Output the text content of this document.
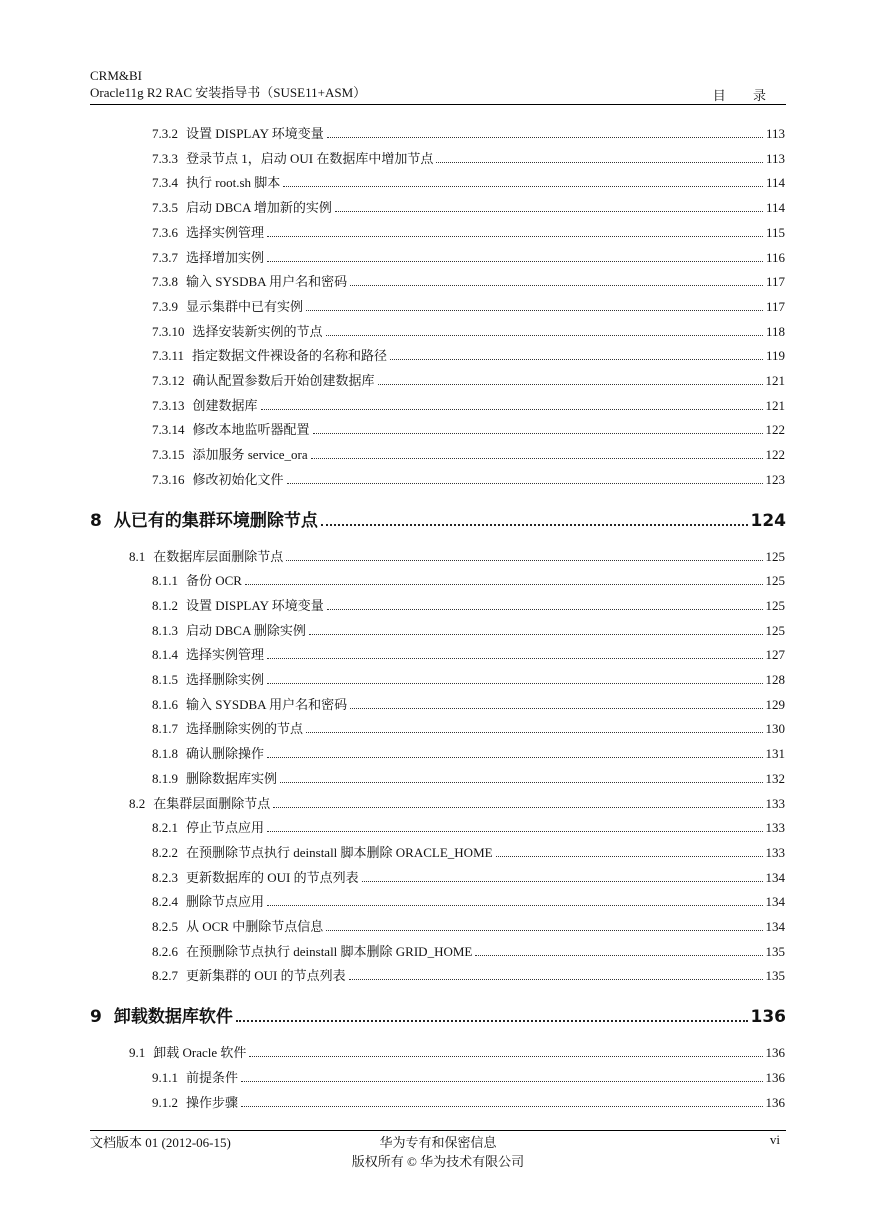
CRM&BI
Oracle11g R2 RAC 安装指导书（SUSE11+ASM）	目 录
7.3.2 设置 DISPLAY 环境变量	113
7.3.3 登录节点 1，启动 OUI 在数据库中增加节点	113
7.3.4 执行 root.sh 脚本	114
7.3.5 启动 DBCA 增加新的实例	114
7.3.6 选择实例管理	115
7.3.7 选择增加实例	116
7.3.8 输入 SYSDBA 用户名和密码	117
7.3.9 显示集群中已有实例	117
7.3.10 选择安装新实例的节点	118
7.3.11 指定数据文件裸设备的名称和路径	119
7.3.12 确认配置参数后开始创建数据库	121
7.3.13 创建数据库	121
7.3.14 修改本地监听器配置	122
7.3.15 添加服务 service_ora	122
7.3.16 修改初始化文件	123
8 从已有的集群环境删除节点	124
8.1 在数据库层面删除节点	125
8.1.1 备份 OCR	125
8.1.2 设置 DISPLAY 环境变量	125
8.1.3 启动 DBCA 删除实例	125
8.1.4 选择实例管理	127
8.1.5 选择删除实例	128
8.1.6 输入 SYSDBA 用户名和密码	129
8.1.7 选择删除实例的节点	130
8.1.8 确认删除操作	131
8.1.9 删除数据库实例	132
8.2 在集群层面删除节点	133
8.2.1 停止节点应用	133
8.2.2 在预删除节点执行 deinstall 脚本删除 ORACLE_HOME	133
8.2.3 更新数据库的 OUI 的节点列表	134
8.2.4 删除节点应用	134
8.2.5 从 OCR 中删除节点信息	134
8.2.6 在预删除节点执行 deinstall 脚本删除 GRID_HOME	135
8.2.7 更新集群的 OUI 的节点列表	135
9 卸载数据库软件	136
9.1 卸载 Oracle 软件	136
9.1.1 前提条件	136
9.1.2 操作步骤	136
文档版本 01 (2012-06-15)	华为专有和保密信息
版权所有 © 华为技术有限公司
vi
